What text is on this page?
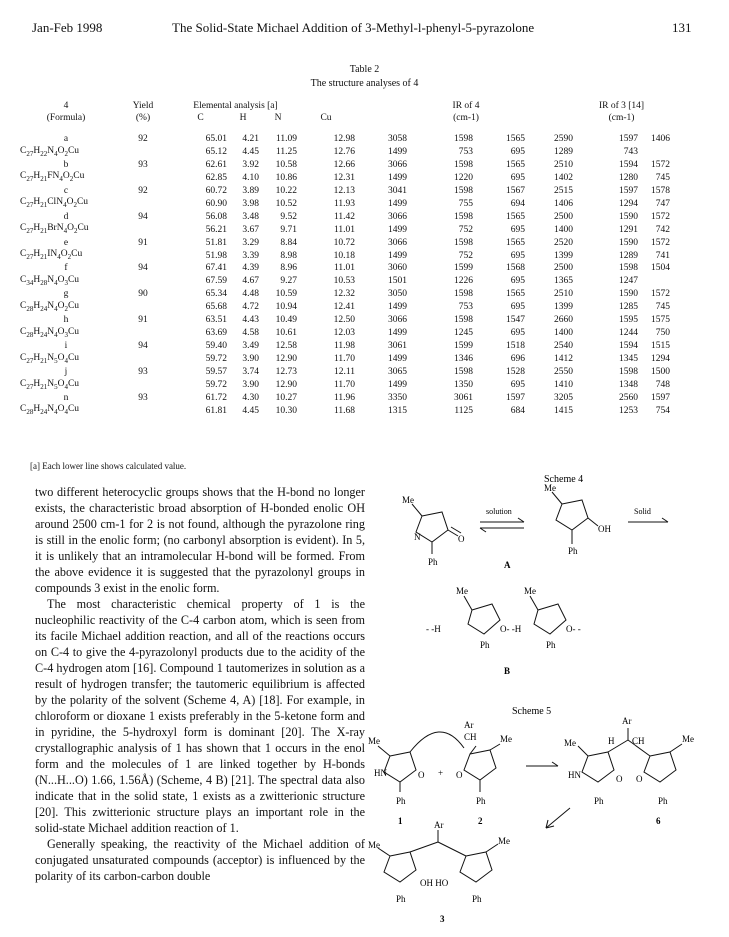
Jan-Feb 1998	The Solid-State Michael Addition of 3-Methyl-l-phenyl-5-pyrazolone	131
Table 2
The structure analyses of 4
4	Yield	Elemental analysis [a]					IR of 4			IR of 3 [14]	
(Formula)	(%)	C	H	N	Cu		(cm-1)			(cm-1)	

a	92	65.01	4.21	11.09	12.98	3058	1598	1565	2590	1597	1406
$C_{27}H_{22}N_4O_2Cu$		65.12	4.45	11.25	12.76	1499	753	695	1289	743	
b	93	62.61	3.92	10.58	12.66	3066	1598	1565	2510	1594	1572
$C_{27}H_{21}FN_4O_2Cu$		62.85	4.10	10.86	12.31	1499	1220	695	1402	1280	745
c	92	60.72	3.89	10.22	12.13	3041	1598	1567	2515	1597	1578
$C_{27}H_{21}ClN_4O_2Cu$		60.90	3.98	10.52	11.93	1499	755	694	1406	1294	747
d	94	56.08	3.48	9.52	11.42	3066	1598	1565	2500	1590	1572
$C_{27}H_{21}BrN_4O_2Cu$		56.21	3.67	9.71	11.01	1499	752	695	1400	1291	742
e	91	51.81	3.29	8.84	10.72	3066	1598	1565	2520	1590	1572
$C_{27}H_{21}IN_4O_2Cu$		51.98	3.39	8.98	10.18	1499	752	695	1399	1289	741
f	94	67.41	4.39	8.96	11.01	3060	1599	1568	2500	1598	1504
$C_{34}H_{28}N_4O_3Cu$		67.59	4.67	9.27	10.53	1501	1226	695	1365	1247	
g	90	65.34	4.48	10.59	12.32	3050	1598	1565	2510	1590	1572
$C_{28}H_{24}N_4O_2Cu$		65.68	4.72	10.94	12.41	1499	753	695	1399	1285	745
h	91	63.51	4.43	10.49	12.50	3066	1598	1547	2660	1595	1575
$C_{28}H_{24}N_4O_3Cu$		63.69	4.58	10.61	12.03	1499	1245	695	1400	1244	750
i	94	59.40	3.49	12.58	11.98	3061	1599	1518	2540	1594	1515
$C_{27}H_{21}N_5O_4Cu$		59.72	3.90	12.90	11.70	1499	1346	696	1412	1345	1294
j	93	59.57	3.74	12.73	12.11	3065	1598	1528	2550	1598	1500
$C_{27}H_{21}N_5O_4Cu$		59.72	3.90	12.90	11.70	1499	1350	695	1410	1348	748
n	93	61.72	4.30	10.27	11.96	3350	3061	1597	3205	2560	1597
$C_{28}H_{24}N_4O_4Cu$		61.81	4.45	10.30	11.68	1315	1125	684	1415	1253	754
[a] Each lower line shows calculated value.

two different heterocyclic groups shows that the H-bond no longer exists, the characteristic broad absorption of H-bonded enolic OH around 2500 cm-1 for 2 is not found, although the pyrazolone ring is still in the enolic form; (no carbonyl absorption is evident). In 5, it is unlikely that an intramolecular H-bond will be formed. From the above evidence it is suggested that the pyrazolonyl groups in compounds 3 exist in the enolic form.

The most characteristic chemical property of 1 is the nucleophilic reactivity of the C-4 carbon atom, which is seen from its facile Michael addition reaction, and all of the reactions occurs on C-4 to give the 4-pyrazolonyl products due to the acidity of the C-4 hydrogen atom [16]. Compound 1 tautomerizes in solution as a result of hydrogen transfer; the tautomeric equilibrium is affected by the polarity of the solvent (Scheme 4, A) [18]. For example, in chloroform or dioxane 1 exists preferably in the 5-ketone form and in pyridine, the 5-hydroxyl form is dominant [20]. The X-ray crystallographic analysis of 1 has shown that 1 occurs in the enol form and the molecules of 1 are linked together by H-bonds (N...H...O) 1.66, 1.56Å) (Scheme, 4 B) [21]. The spectral data also indicate that in the solid state, 1 exists as a zwitterionic structure [20]. This zwitterionic structure plays an important role in the solid-state Michael addition reaction of 1.

Generally speaking, the reactivity of the Michael addition of conjugated unsaturated compounds (acceptor) is influenced by the polarity of its carbon-carbon double

Scheme 4
Me
N
Ph
O
solution
Me
OH
Ph
Solid
A
Me	Me
- -H	O- -H	O- -
Ph	Ph
B
Scheme 5
Me
HN	O
Ph
1
+
Ar
CH	Me
O
Ph
2
Me
Ar
H CH	Me
HN	O O
Ph	Ph
6
Ar
Me	Me
OH HO
Ph	Ph
3
